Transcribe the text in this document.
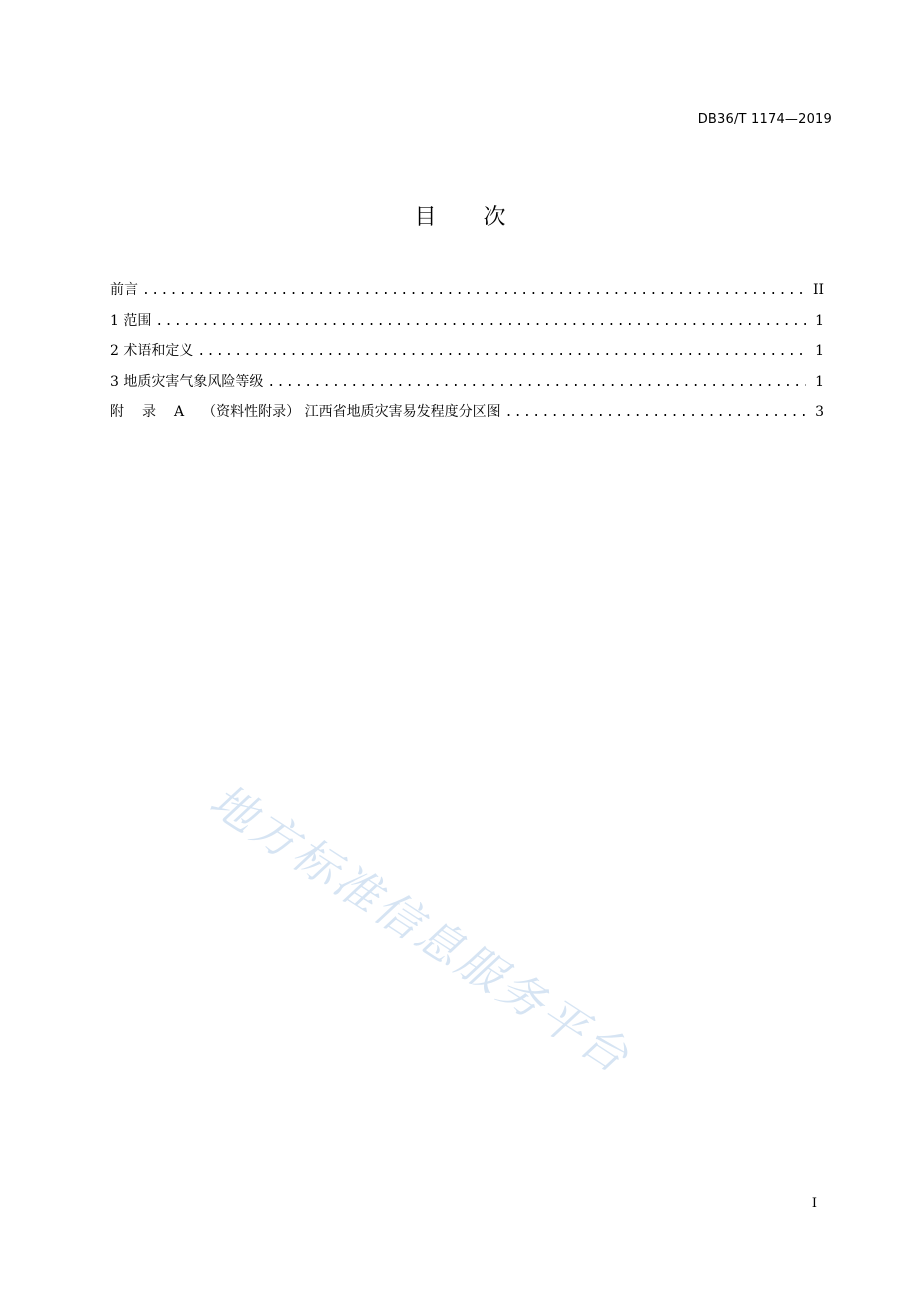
DB36/T 1174—2019
目 次
前言 .....	II
1 范围 .....	1
2 术语和定义 .....	1
3 地质灾害气象风险等级 .....	1
附 录 A （资料性附录） 江西省地质灾害易发程度分区图 .....	3
地方标准信息服务平台
I
